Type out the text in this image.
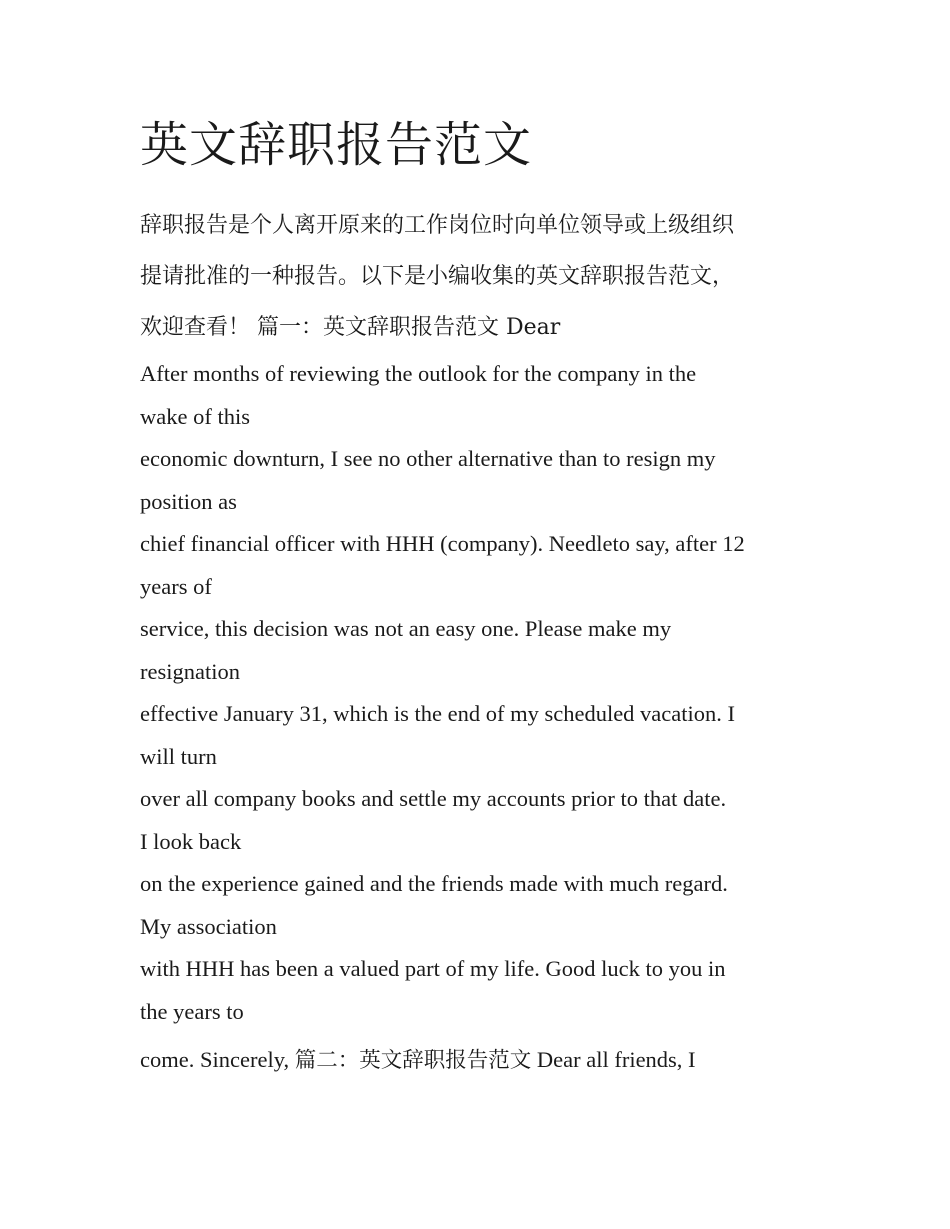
英文辞职报告范文

辞职报告是个人离开原来的工作岗位时向单位领导或上级组织
提请批准的一种报告。以下是小编收集的英文辞职报告范文，
欢迎查看！ 篇一：英文辞职报告范文 Dear

After months of reviewing the outlook for the company in the
wake of this
economic downturn, I see no other alternative than to resign my
position as
chief financial officer with HHH (company). Needleto say, after 12
years of
service, this decision was not an easy one. Please make my
resignation
effective January 31, which is the end of my scheduled vacation. I
will turn
over all company books and settle my accounts prior to that date.
I look back
on the experience gained and the friends made with much regard.
My association
with HHH has been a valued part of my life. Good luck to you in
the years to
come. Sincerely, 篇二：英文辞职报告范文 Dear all friends, I
